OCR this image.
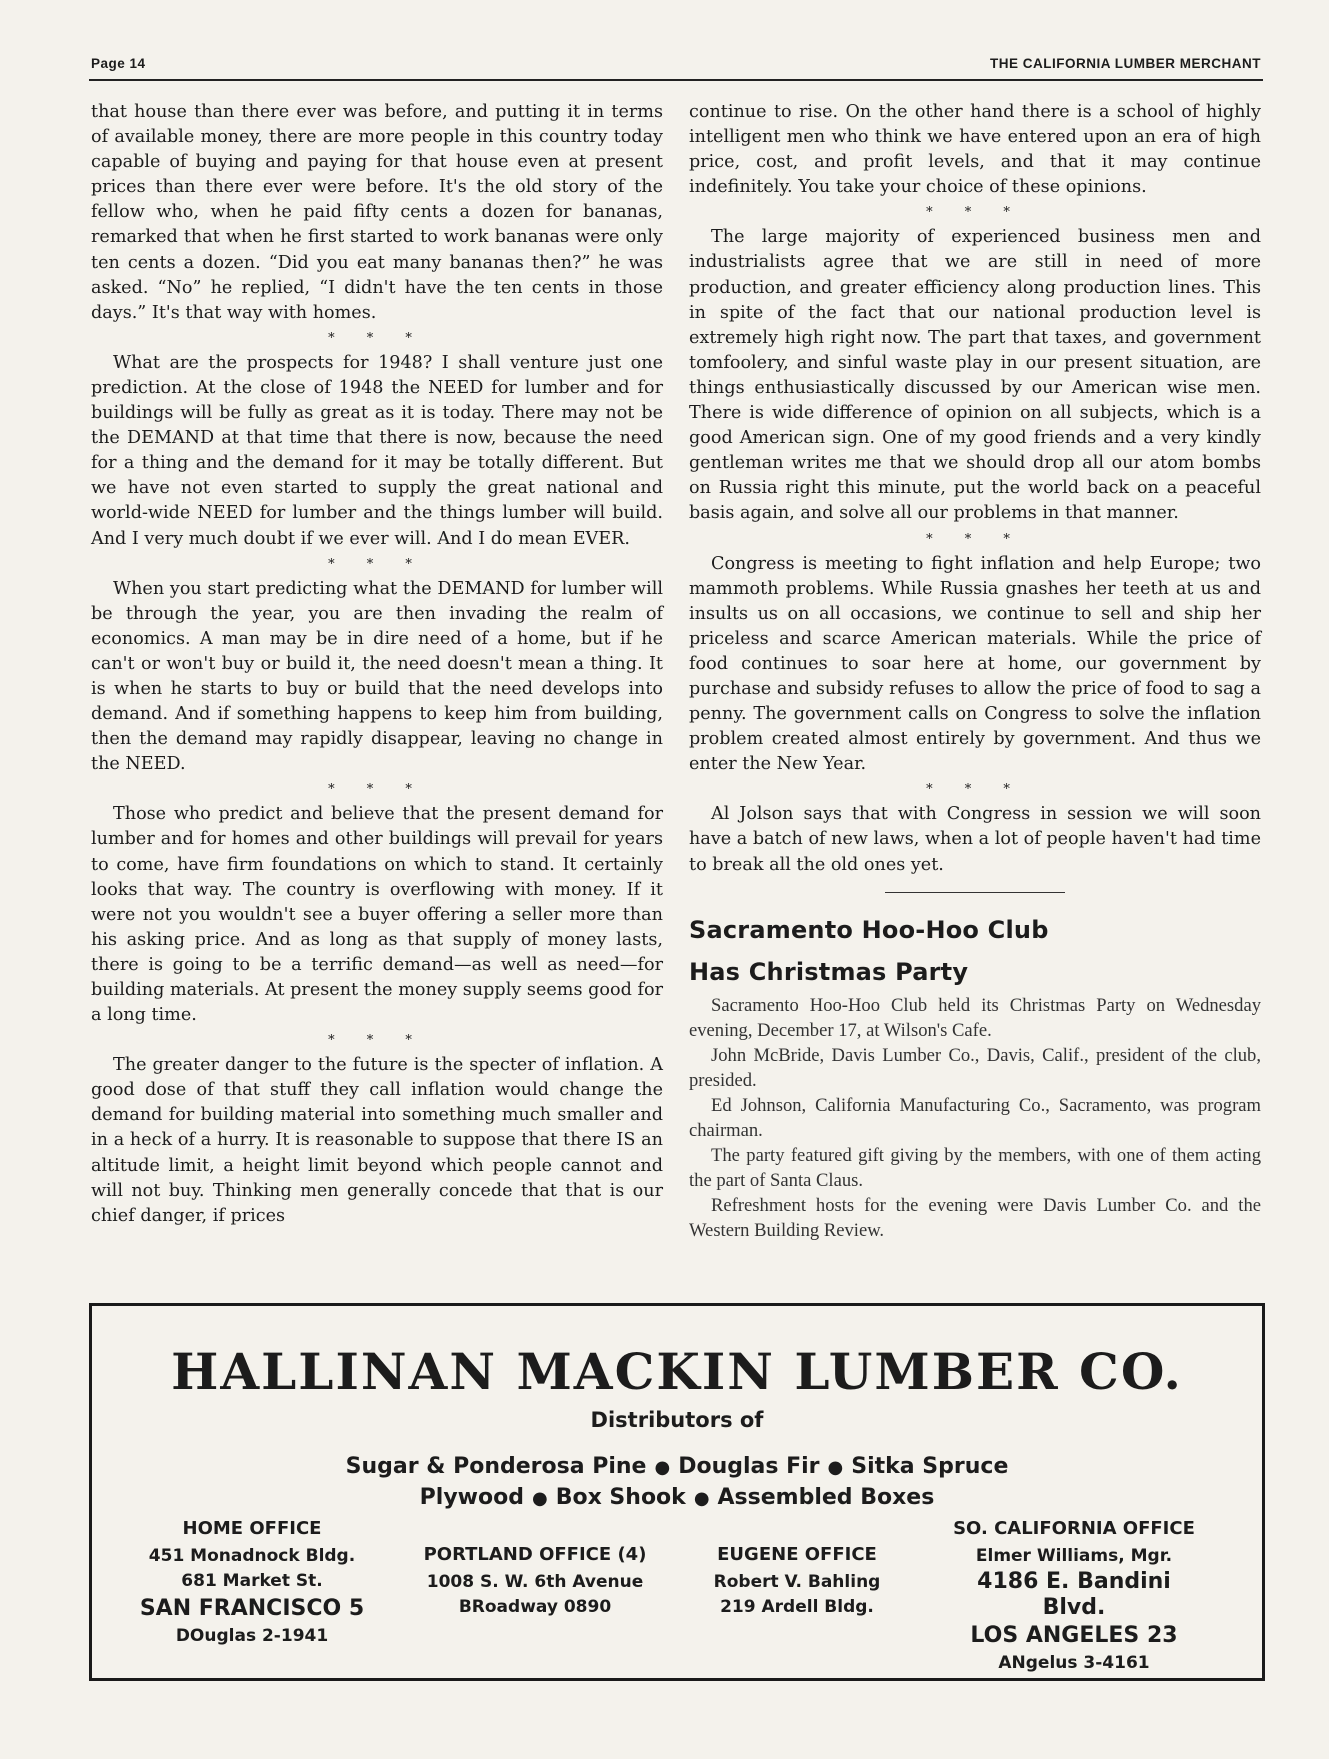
Page 14	THE CALIFORNIA LUMBER MERCHANT

that house than there ever was before, and putting it in terms of available money, there are more people in this country today capable of buying and paying for that house even at present prices than there ever were before. It's the old story of the fellow who, when he paid fifty cents a dozen for bananas, remarked that when he first started to work bananas were only ten cents a dozen. “Did you eat many bananas then?” he was asked. “No” he replied, “I didn't have the ten cents in those days.” It's that way with homes.

* * *

What are the prospects for 1948? I shall venture just one prediction. At the close of 1948 the NEED for lumber and for buildings will be fully as great as it is today. There may not be the DEMAND at that time that there is now, because the need for a thing and the demand for it may be totally different. But we have not even started to supply the great national and world-wide NEED for lumber and the things lumber will build. And I very much doubt if we ever will. And I do mean EVER.

* * *

When you start predicting what the DEMAND for lumber will be through the year, you are then invading the realm of economics. A man may be in dire need of a home, but if he can't or won't buy or build it, the need doesn't mean a thing. It is when he starts to buy or build that the need develops into demand. And if something happens to keep him from building, then the demand may rapidly disappear, leaving no change in the NEED.

* * *

Those who predict and believe that the present demand for lumber and for homes and other buildings will prevail for years to come, have firm foundations on which to stand. It certainly looks that way. The country is overflowing with money. If it were not you wouldn't see a buyer offering a seller more than his asking price. And as long as that supply of money lasts, there is going to be a terrific demand—as well as need—for building materials. At present the money supply seems good for a long time.

* * *

The greater danger to the future is the specter of inflation. A good dose of that stuff they call inflation would change the demand for building material into something much smaller and in a heck of a hurry. It is reasonable to suppose that there IS an altitude limit, a height limit beyond which people cannot and will not buy. Thinking men generally concede that that is our chief danger, if prices

continue to rise. On the other hand there is a school of highly intelligent men who think we have entered upon an era of high price, cost, and profit levels, and that it may continue indefinitely. You take your choice of these opinions.

* * *

The large majority of experienced business men and industrialists agree that we are still in need of more production, and greater efficiency along production lines. This in spite of the fact that our national production level is extremely high right now. The part that taxes, and government tomfoolery, and sinful waste play in our present situation, are things enthusiastically discussed by our American wise men. There is wide difference of opinion on all subjects, which is a good American sign. One of my good friends and a very kindly gentleman writes me that we should drop all our atom bombs on Russia right this minute, put the world back on a peaceful basis again, and solve all our problems in that manner.

* * *

Congress is meeting to fight inflation and help Europe; two mammoth problems. While Russia gnashes her teeth at us and insults us on all occasions, we continue to sell and ship her priceless and scarce American materials. While the price of food continues to soar here at home, our government by purchase and subsidy refuses to allow the price of food to sag a penny. The government calls on Congress to solve the inflation problem created almost entirely by government. And thus we enter the New Year.

* * *

Al Jolson says that with Congress in session we will soon have a batch of new laws, when a lot of people haven't had time to break all the old ones yet.

Sacramento Hoo-Hoo Club
Has Christmas Party

Sacramento Hoo-Hoo Club held its Christmas Party on Wednesday evening, December 17, at Wilson's Cafe.

John McBride, Davis Lumber Co., Davis, Calif., president of the club, presided.

Ed Johnson, California Manufacturing Co., Sacramento, was program chairman.

The party featured gift giving by the members, with one of them acting the part of Santa Claus.

Refreshment hosts for the evening were Davis Lumber Co. and the Western Building Review.

HALLINAN MACKIN LUMBER CO.
Distributors of
Sugar & Ponderosa Pine ● Douglas Fir ● Sitka Spruce
Plywood ● Box Shook ● Assembled Boxes
HOME OFFICE
451 Monadnock Bldg.
681 Market St.
SAN FRANCISCO 5
DOuglas 2-1941
PORTLAND OFFICE (4)
1008 S. W. 6th Avenue
BRoadway 0890
EUGENE OFFICE
Robert V. Bahling
219 Ardell Bldg.
SO. CALIFORNIA OFFICE
Elmer Williams, Mgr.
4186 E. Bandini Blvd.
LOS ANGELES 23
ANgelus 3-4161
